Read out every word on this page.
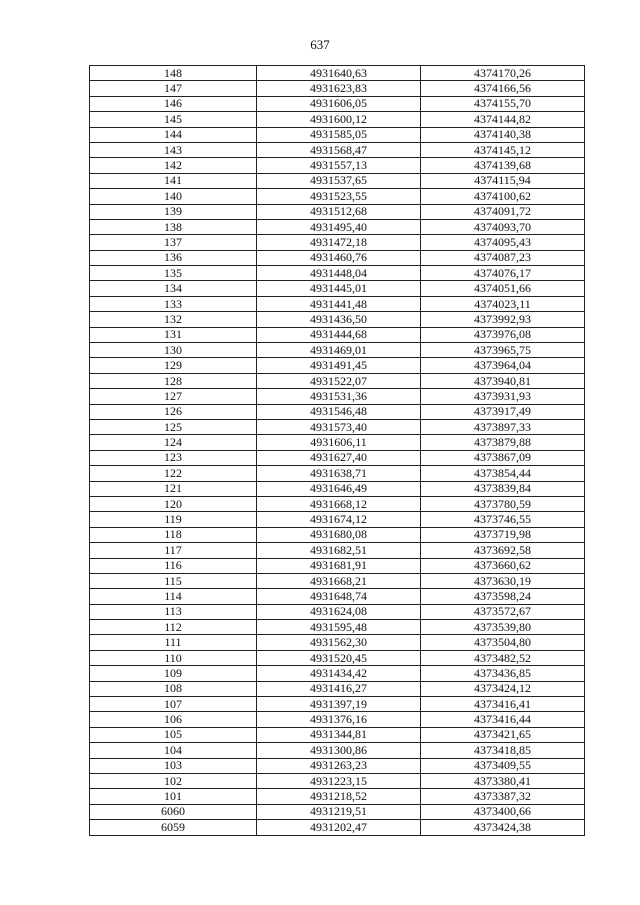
637
148	4931640,63	4374170,26
147	4931623,83	4374166,56
146	4931606,05	4374155,70
145	4931600,12	4374144,82
144	4931585,05	4374140,38
143	4931568,47	4374145,12
142	4931557,13	4374139,68
141	4931537,65	4374115,94
140	4931523,55	4374100,62
139	4931512,68	4374091,72
138	4931495,40	4374093,70
137	4931472,18	4374095,43
136	4931460,76	4374087,23
135	4931448,04	4374076,17
134	4931445,01	4374051,66
133	4931441,48	4374023,11
132	4931436,50	4373992,93
131	4931444,68	4373976,08
130	4931469,01	4373965,75
129	4931491,45	4373964,04
128	4931522,07	4373940,81
127	4931531,36	4373931,93
126	4931546,48	4373917,49
125	4931573,40	4373897,33
124	4931606,11	4373879,88
123	4931627,40	4373867,09
122	4931638,71	4373854,44
121	4931646,49	4373839,84
120	4931668,12	4373780,59
119	4931674,12	4373746,55
118	4931680,08	4373719,98
117	4931682,51	4373692,58
116	4931681,91	4373660,62
115	4931668,21	4373630,19
114	4931648,74	4373598,24
113	4931624,08	4373572,67
112	4931595,48	4373539,80
111	4931562,30	4373504,80
110	4931520,45	4373482,52
109	4931434,42	4373436,85
108	4931416,27	4373424,12
107	4931397,19	4373416,41
106	4931376,16	4373416,44
105	4931344,81	4373421,65
104	4931300,86	4373418,85
103	4931263,23	4373409,55
102	4931223,15	4373380,41
101	4931218,52	4373387,32
6060	4931219,51	4373400,66
6059	4931202,47	4373424,38
